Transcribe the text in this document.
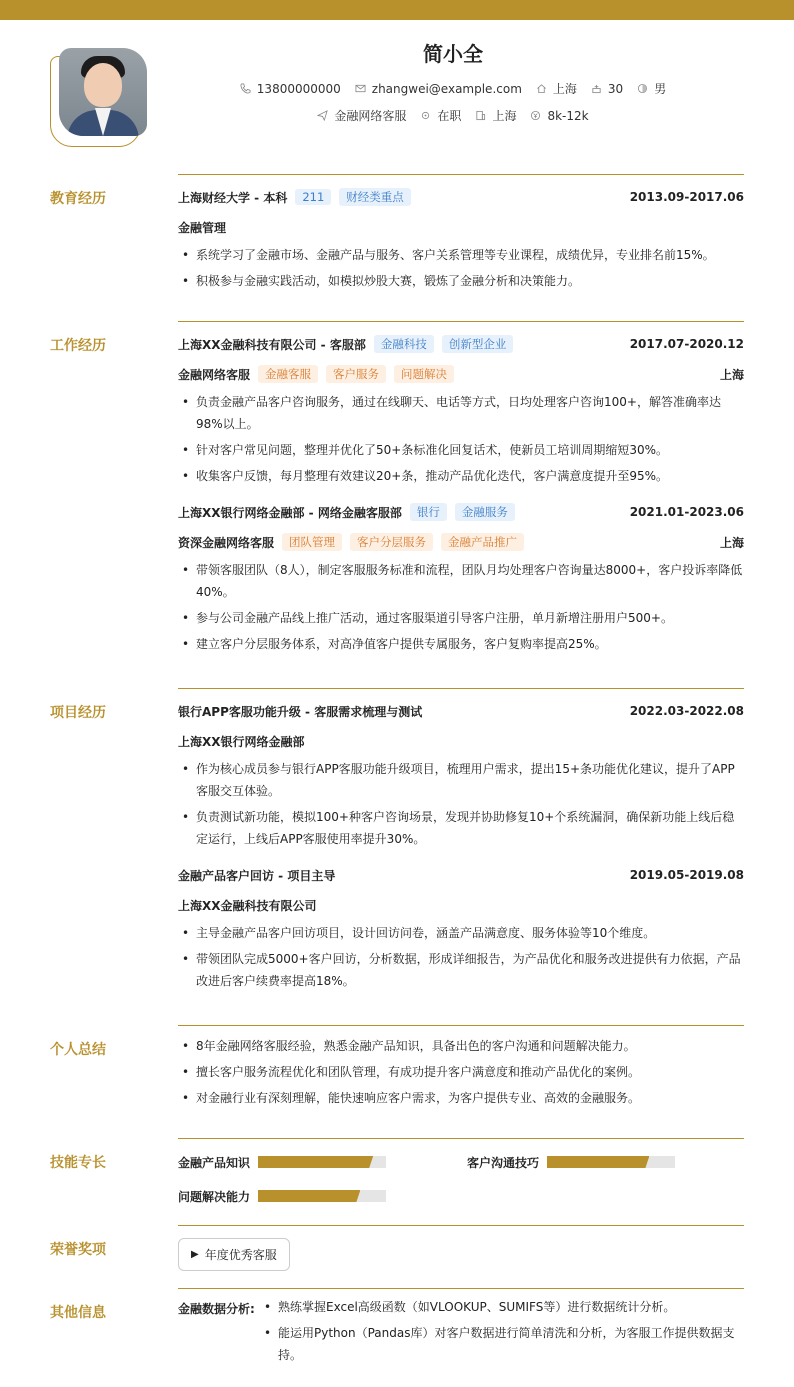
简小全
13800000000	zhangwei@example.com	上海	30	男
金融网络客服	在职	上海	8k-12k
教育经历	上海财经大学 - 本科	211	财经类重点	2013.09-2017.06
金融管理
• 系统学习了金融市场、金融产品与服务、客户关系管理等专业课程，成绩优异，专业排名前15%。
• 积极参与金融实践活动，如模拟炒股大赛，锻炼了金融分析和决策能力。
工作经历	上海XX金融科技有限公司 - 客服部	金融科技	创新型企业	2017.07-2020.12
金融网络客服	金融客服	客户服务	问题解决	上海
• 负责金融产品客户咨询服务，通过在线聊天、电话等方式，日均处理客户咨询100+，解答准确率达98%以上。
• 针对客户常见问题，整理并优化了50+条标准化回复话术，使新员工培训周期缩短30%。
• 收集客户反馈，每月整理有效建议20+条，推动产品优化迭代，客户满意度提升至95%。
上海XX银行网络金融部 - 网络金融客服部	银行	金融服务	2021.01-2023.06
资深金融网络客服	团队管理	客户分层服务	金融产品推广	上海
• 带领客服团队（8人），制定客服服务标准和流程，团队月均处理客户咨询量达8000+，客户投诉率降低40%。
• 参与公司金融产品线上推广活动，通过客服渠道引导客户注册，单月新增注册用户500+。
• 建立客户分层服务体系，对高净值客户提供专属服务，客户复购率提高25%。
项目经历	银行APP客服功能升级 - 客服需求梳理与测试	2022.03-2022.08
上海XX银行网络金融部
• 作为核心成员参与银行APP客服功能升级项目，梳理用户需求，提出15+条功能优化建议，提升了APP客服交互体验。
• 负责测试新功能，模拟100+种客户咨询场景，发现并协助修复10+个系统漏洞，确保新功能上线后稳定运行，上线后APP客服使用率提升30%。
金融产品客户回访 - 项目主导	2019.05-2019.08
上海XX金融科技有限公司
• 主导金融产品客户回访项目，设计回访问卷，涵盖产品满意度、服务体验等10个维度。
• 带领团队完成5000+客户回访，分析数据，形成详细报告，为产品优化和服务改进提供有力依据，产品改进后客户续费率提高18%。
个人总结	• 8年金融网络客服经验，熟悉金融产品知识，具备出色的客户沟通和问题解决能力。
• 擅长客户服务流程优化和团队管理，有成功提升客户满意度和推动产品优化的案例。
• 对金融行业有深刻理解，能快速响应客户需求，为客户提供专业、高效的金融服务。
技能专长	金融产品知识	客户沟通技巧
问题解决能力
荣誉奖项	▶ 年度优秀客服
其他信息	金融数据分析: • 熟练掌握Excel高级函数（如VLOOKUP、SUMIFS等）进行数据统计分析。
• 能运用Python（Pandas库）对客户数据进行简单清洗和分析，为客服工作提供数据支持。
